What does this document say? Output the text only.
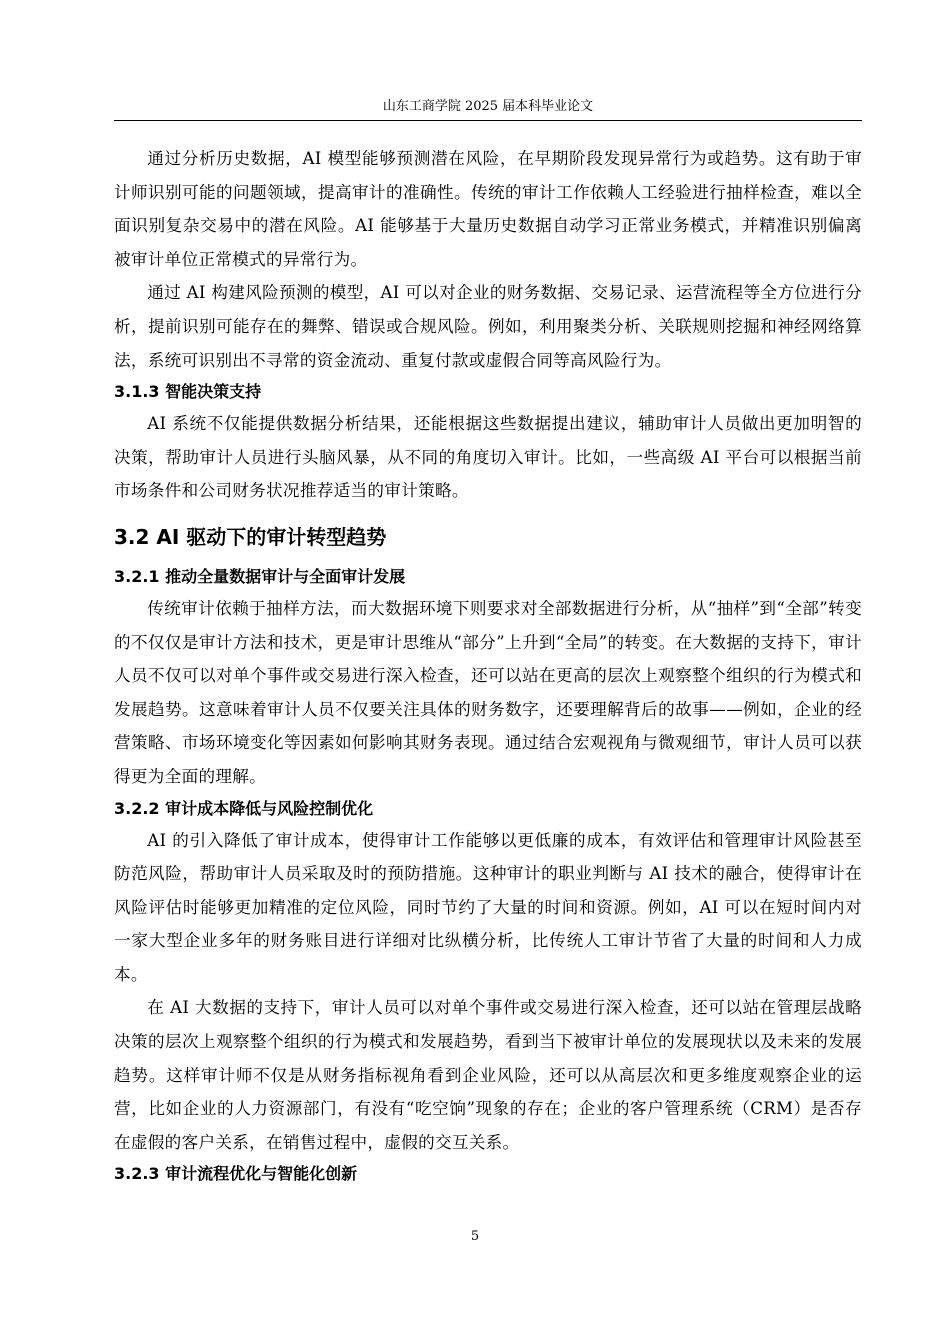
山东工商学院 2025 届本科毕业论文

通过分析历史数据，AI 模型能够预测潜在风险，在早期阶段发现异常行为或趋势。这有助于审计师识别可能的问题领域，提高审计的准确性。传统的审计工作依赖人工经验进行抽样检查，难以全面识别复杂交易中的潜在风险。AI 能够基于大量历史数据自动学习正常业务模式，并精准识别偏离被审计单位正常模式的异常行为。

通过 AI 构建风险预测的模型，AI 可以对企业的财务数据、交易记录、运营流程等全方位进行分析，提前识别可能存在的舞弊、错误或合规风险。例如，利用聚类分析、关联规则挖掘和神经网络算法，系统可识别出不寻常的资金流动、重复付款或虚假合同等高风险行为。

3.1.3 智能决策支持

AI 系统不仅能提供数据分析结果，还能根据这些数据提出建议，辅助审计人员做出更加明智的决策，帮助审计人员进行头脑风暴，从不同的角度切入审计。比如，一些高级 AI 平台可以根据当前市场条件和公司财务状况推荐适当的审计策略。

3.2 AI 驱动下的审计转型趋势
3.2.1 推动全量数据审计与全面审计发展

传统审计依赖于抽样方法，而大数据环境下则要求对全部数据进行分析，从“抽样”到“全部”转变的不仅仅是审计方法和技术，更是审计思维从“部分”上升到“全局”的转变。在大数据的支持下，审计人员不仅可以对单个事件或交易进行深入检查，还可以站在更高的层次上观察整个组织的行为模式和发展趋势。这意味着审计人员不仅要关注具体的财务数字，还要理解背后的故事——例如，企业的经营策略、市场环境变化等因素如何影响其财务表现。通过结合宏观视角与微观细节，审计人员可以获得更为全面的理解。

3.2.2 审计成本降低与风险控制优化

AI 的引入降低了审计成本，使得审计工作能够以更低廉的成本，有效评估和管理审计风险甚至防范风险，帮助审计人员采取及时的预防措施。这种审计的职业判断与 AI 技术的融合，使得审计在风险评估时能够更加精准的定位风险，同时节约了大量的时间和资源。例如，AI 可以在短时间内对一家大型企业多年的财务账目进行详细对比纵横分析，比传统人工审计节省了大量的时间和人力成本。

在 AI 大数据的支持下，审计人员可以对单个事件或交易进行深入检查，还可以站在管理层战略决策的层次上观察整个组织的行为模式和发展趋势，看到当下被审计单位的发展现状以及未来的发展趋势。这样审计师不仅是从财务指标视角看到企业风险，还可以从高层次和更多维度观察企业的运营，比如企业的人力资源部门，有没有“吃空饷”现象的存在；企业的客户管理系统（CRM）是否存在虚假的客户关系，在销售过程中，虚假的交互关系。

3.2.3 审计流程优化与智能化创新
5
